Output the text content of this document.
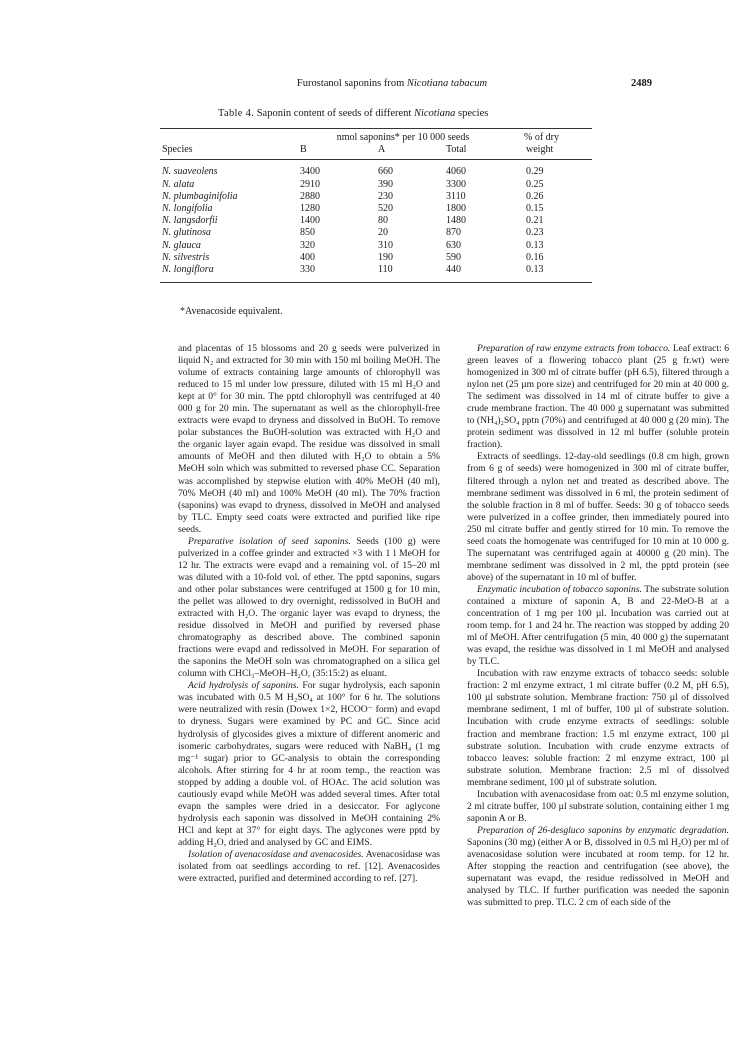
Furostanol saponins from Nicotiana tabacum	2489
Table 4. Saponin content of seeds of different Nicotiana species
	nmol saponins* per 10 000 seeds			% of dry
Species	B	A	Total	weight

N. suaveolens	3400	660	4060	0.29
N. alata	2910	390	3300	0.25
N. plumbaginifolia	2880	230	3110	0.26
N. longifolia	1280	520	1800	0.15
N. langsdorfii	1400	80	1480	0.21
N. glutinosa	850	20	870	0.23
N. glauca	320	310	630	0.13
N. silvestris	400	190	590	0.16
N. longiflora	330	110	440	0.13

*Avenacoside equivalent.

and placentas of 15 blossoms and 20 g seeds were pulverized in liquid N₂ and extracted for 30 min with 150 ml boiling MeOH. The volume of extracts containing large amounts of chlorophyll was reduced to 15 ml under low pressure, diluted with 15 ml H₂O and kept at 0° for 30 min. The pptd chlorophyll was centrifuged at 40 000 g for 20 min. The supernatant as well as the chlorophyll-free extracts were evapd to dryness and dissolved in BuOH. To remove polar substances the BuOH-solution was extracted with H₂O and the organic layer again evapd. The residue was dissolved in small amounts of MeOH and then diluted with H₂O to obtain a 5% MeOH soln which was submitted to reversed phase CC. Separation was accomplished by stepwise elution with 40% MeOH (40 ml), 70% MeOH (40 ml) and 100% MeOH (40 ml). The 70% fraction (saponins) was evapd to dryness, dissolved in MeOH and analysed by TLC. Empty seed coats were extracted and purified like ripe seeds.

Preparative isolation of seed saponins. Seeds (100 g) were pulverized in a coffee grinder and extracted ×3 with 1 l MeOH for 12 hr. The extracts were evapd and a remaining vol. of 15–20 ml was diluted with a 10-fold vol. of ether. The pptd saponins, sugars and other polar substances were centrifuged at 1500 g for 10 min, the pellet was allowed to dry overnight, redissolved in BuOH and extracted with H₂O. The organic layer was evapd to dryness, the residue dissolved in MeOH and purified by reversed phase chromatography as described above. The combined saponin fractions were evapd and redissolved in MeOH. For separation of the saponins the MeOH soln was chromatographed on a silica gel column with CHCl₃–MeOH–H₂O, (35:15:2) as eluant.

Acid hydrolysis of saponins. For sugar hydrolysis, each saponin was incubated with 0.5 M H₂SO₄ at 100° for 6 hr. The solutions were neutralized with resin (Dowex 1×2, HCOO⁻ form) and evapd to dryness. Sugars were examined by PC and GC. Since acid hydrolysis of glycosides gives a mixture of different anomeric and isomeric carbohydrates, sugars were reduced with NaBH₄ (1 mg mg⁻¹ sugar) prior to GC-analysis to obtain the corresponding alcohols. After stirring for 4 hr at room temp., the reaction was stopped by adding a double vol. of HOAc. The acid solution was cautiously evapd while MeOH was added several times. After total evapn the samples were dried in a desiccator. For aglycone hydrolysis each saponin was dissolved in MeOH containing 2% HCl and kept at 37° for eight days. The aglycones were pptd by adding H₂O, dried and analysed by GC and EIMS.

Isolation of avenacosidase and avenacosides. Avenacosidase was isolated from oat seedlings according to ref. [12]. Avenacosides were extracted, purified and determined according to ref. [27].

Preparation of raw enzyme extracts from tobacco. Leaf extract: 6 green leaves of a flowering tobacco plant (25 g fr.wt) were homogenized in 300 ml of citrate buffer (pH 6.5), filtered through a nylon net (25 µm pore size) and centrifuged for 20 min at 40 000 g. The sediment was dissolved in 14 ml of citrate buffer to give a crude membrane fraction. The 40 000 g supernatant was submitted to (NH₄)₂SO₄ pptn (70%) and centrifuged at 40 000 g (20 min). The protein sediment was dissolved in 12 ml buffer (soluble protein fraction).

Extracts of seedlings. 12-day-old seedlings (0.8 cm high, grown from 6 g of seeds) were homogenized in 300 ml of citrate buffer, filtered through a nylon net and treated as described above. The membrane sediment was dissolved in 6 ml, the protein sediment of the soluble fraction in 8 ml of buffer. Seeds: 30 g of tobacco seeds were pulverized in a coffee grinder, then immediately poured into 250 ml citrate buffer and gently stirred for 10 min. To remove the seed coats the homogenate was centrifuged for 10 min at 10 000 g. The supernatant was centrifuged again at 40000 g (20 min). The membrane sediment was dissolved in 2 ml, the pptd protein (see above) of the supernatant in 10 ml of buffer.

Enzymatic incubation of tobacco saponins. The substrate solution contained a mixture of saponin A, B and 22-MeO-B at a concentration of 1 mg per 100 µl. Incubation was carried out at room temp. for 1 and 24 hr. The reaction was stopped by adding 20 ml of MeOH. After centrifugation (5 min, 40 000 g) the supernatant was evapd, the residue was dissolved in 1 ml MeOH and analysed by TLC.

Incubation with raw enzyme extracts of tobacco seeds: soluble fraction: 2 ml enzyme extract, 1 ml citrate buffer (0.2 M, pH 6.5), 100 µl substrate solution. Membrane fraction: 750 µl of dissolved membrane sediment, 1 ml of buffer, 100 µl of substrate solution. Incubation with crude enzyme extracts of seedlings: soluble fraction and membrane fraction: 1.5 ml enzyme extract, 100 µl substrate solution. Incubation with crude enzyme extracts of tobacco leaves: soluble fraction: 2 ml enzyme extract, 100 µl substrate solution. Membrane fraction: 2.5 ml of dissolved membrane sediment, 100 µl of substrate solution.

Incubation with avenacosidase from oat: 0.5 ml enzyme solution, 2 ml citrate buffer, 100 µl substrate solution, containing either 1 mg saponin A or B.

Preparation of 26-desgluco saponins by enzymatic degradation. Saponins (30 mg) (either A or B, dissolved in 0.5 ml H₂O) per ml of avenacosidase solution were incubated at room temp. for 12 hr. After stopping the reaction and centrifugation (see above), the supernatant was evapd, the residue redissolved in MeOH and analysed by TLC. If further purification was needed the saponin was submitted to prep. TLC. 2 cm of each side of the
